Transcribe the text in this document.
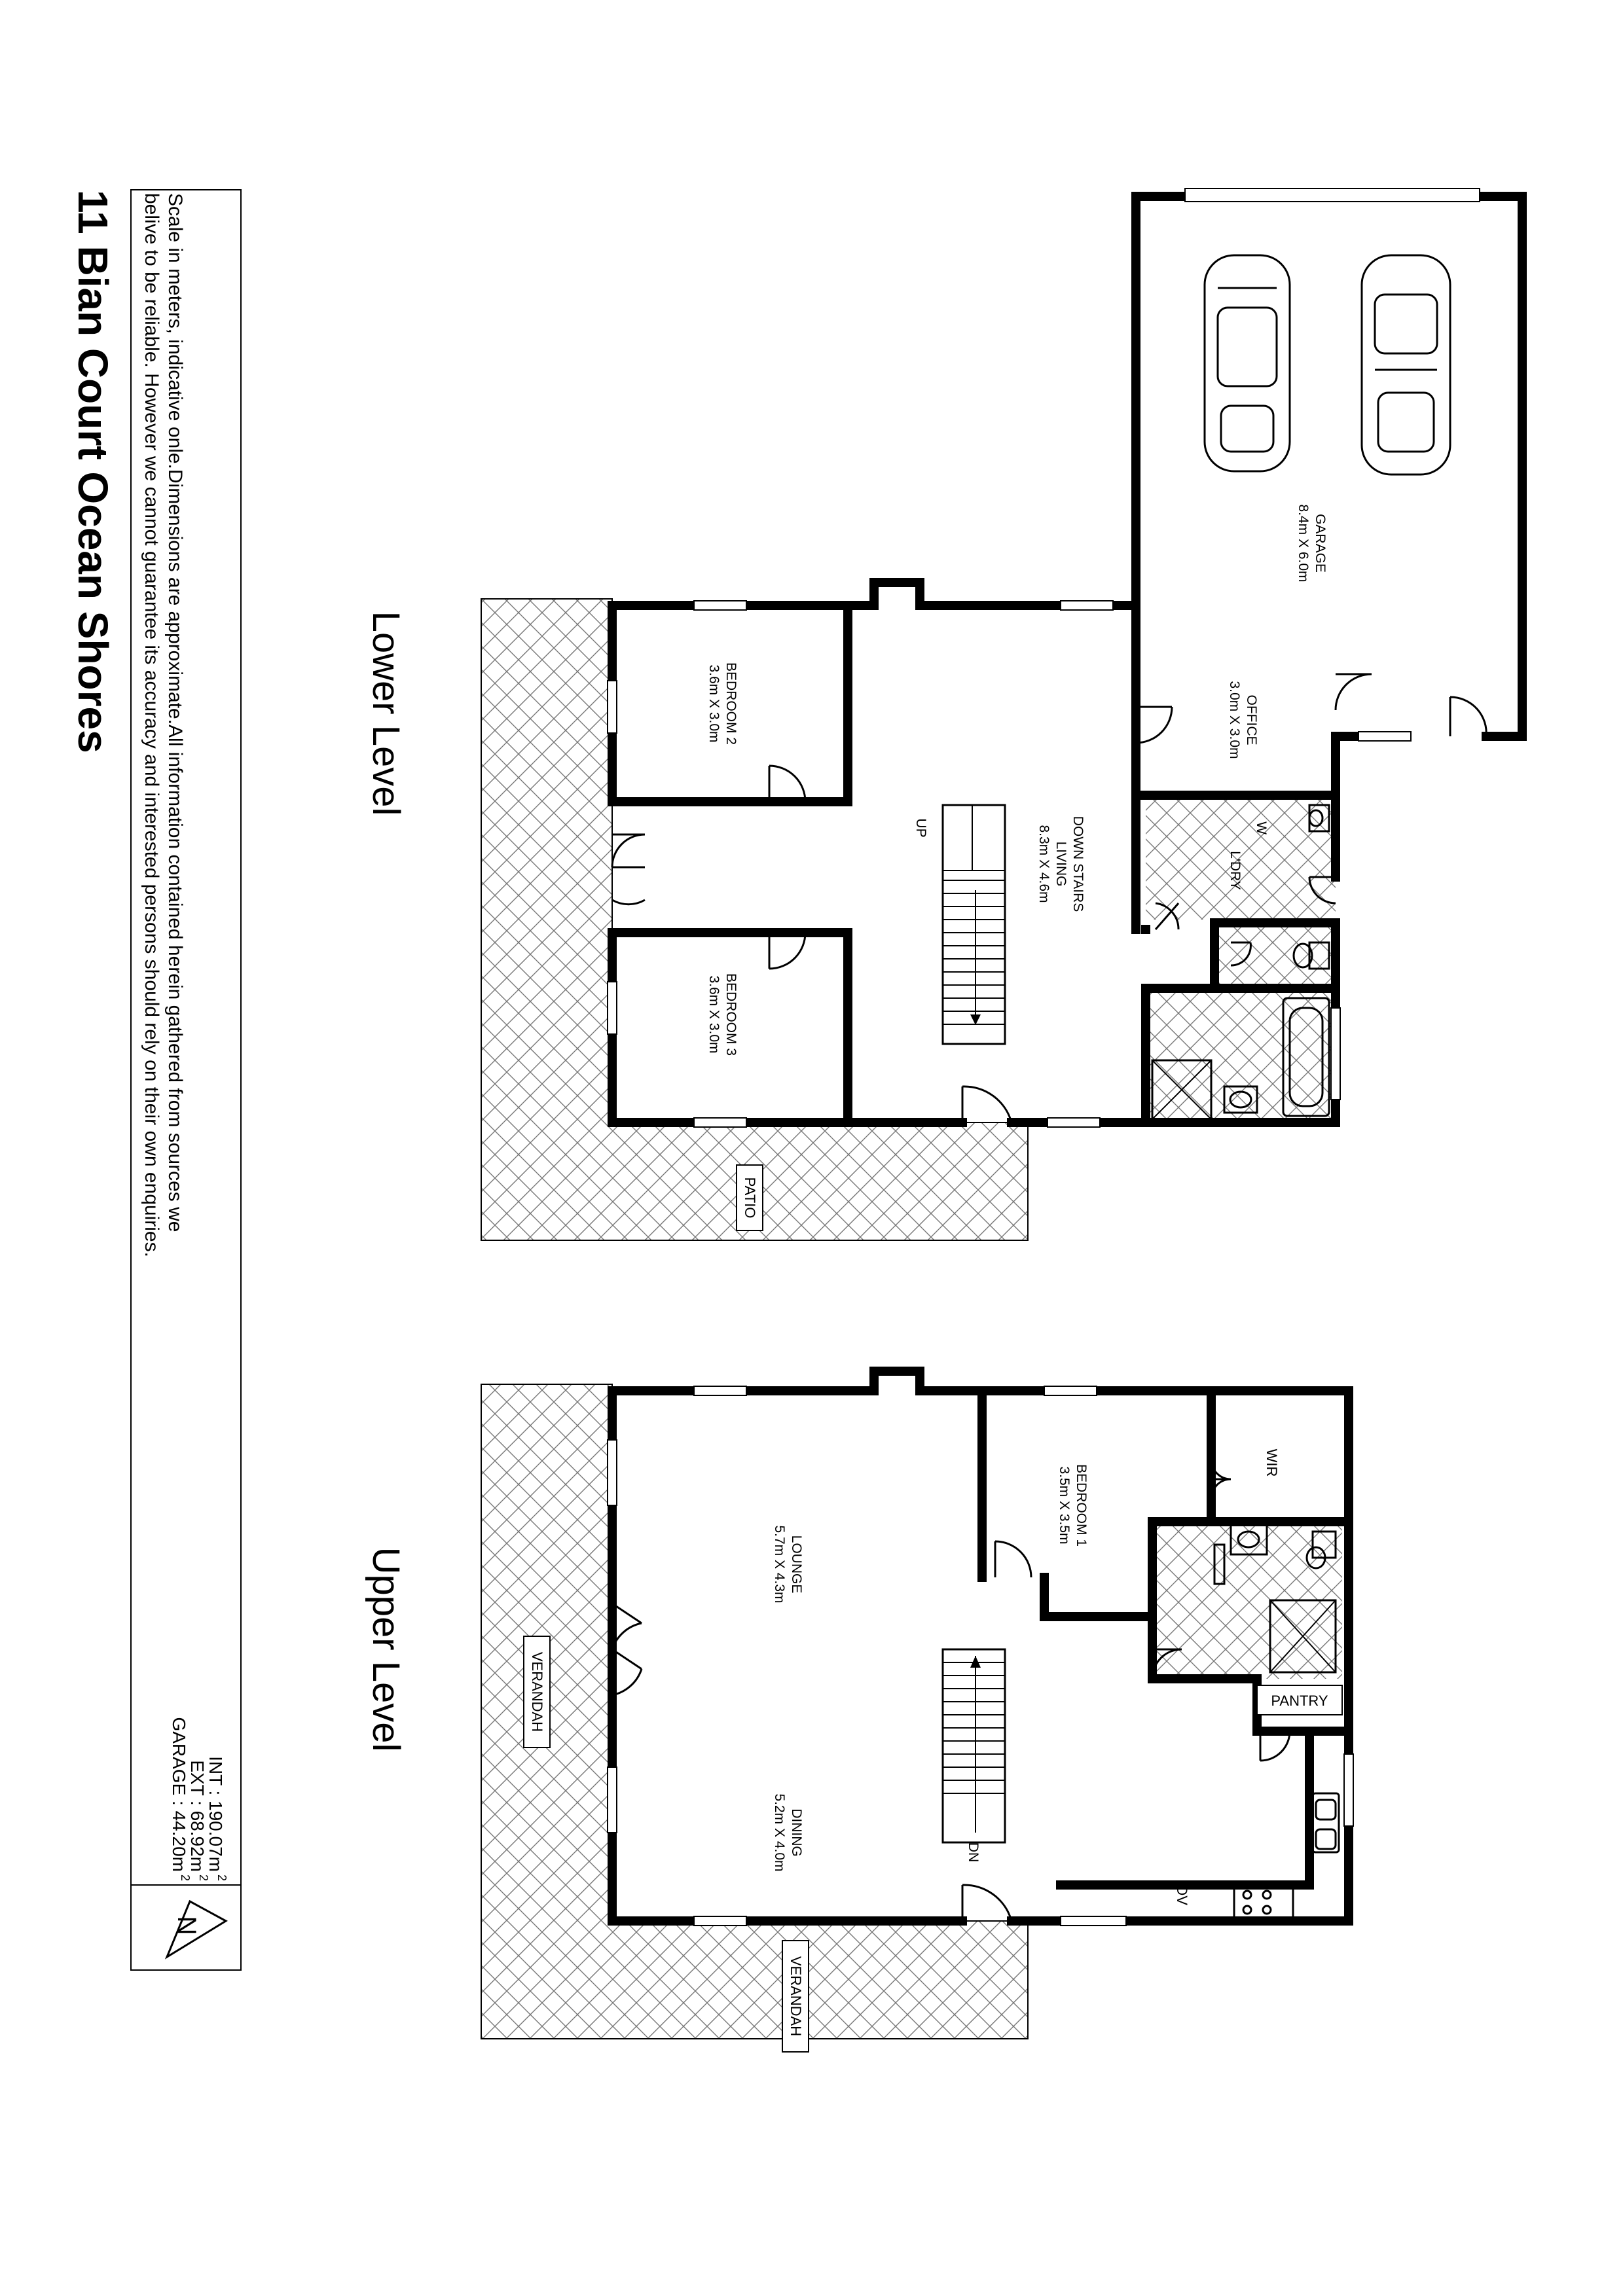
GARAGE
8.4m X 6.0m
OFFICE
3.0m X 3.0m
L'DRY
W
DOWN STAIRS
LIVING
8.3m X 4.6m
UP
BEDROOM 2
3.6m X 3.0m
BEDROOM 3
3.6m X 3.0m
PATIO
Lower Level
LOUNGE
5.7m X 4.3m
DINING
5.2m X 4.0m
BEDROOM 1
3.5m X 3.5m
WIR
PANTRY
OV
DN
VERANDAH
VERANDAH
Upper Level
11 Bian Court Ocean Shores Scale in meters, indicative onle.Dimensions are approximate.All information contained herein gathered from sources we
belive to be reliable. However we cannot guarantee its accuracy and interested persons should rely on their own enquiries.
INT : 190.07m
EXT : 68.92m
GARAGE : 44.20m
2
2
2
N
